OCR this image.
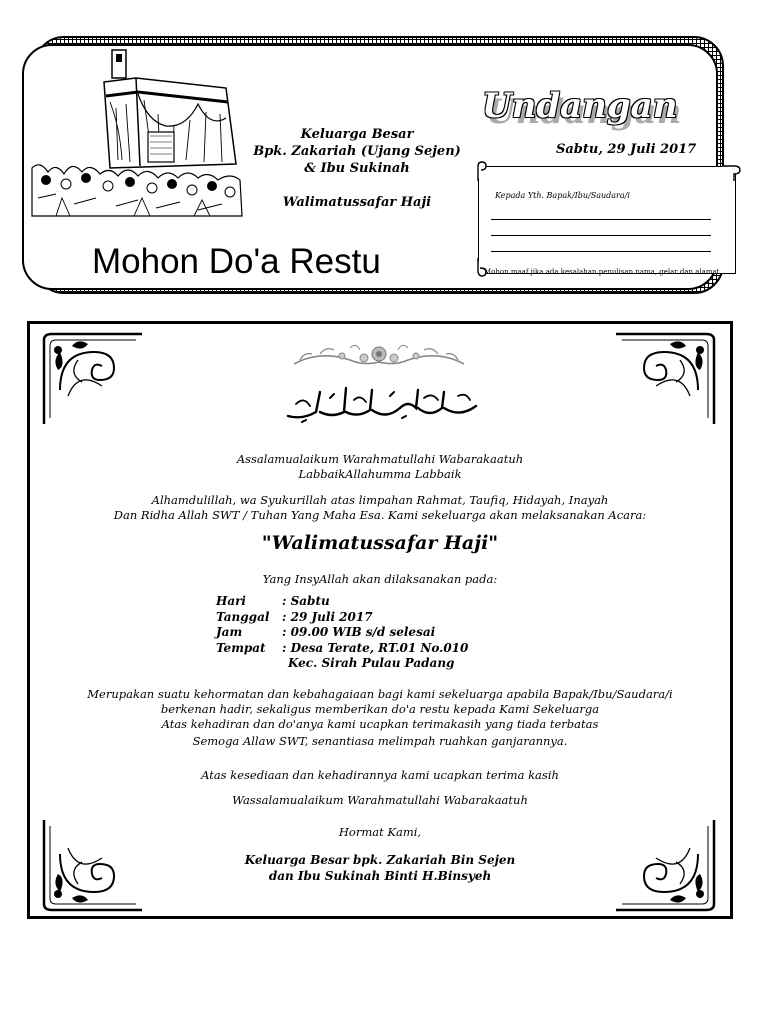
Keluarga Besar
Bpk. Zakariah (Ujang Sejen)
& Ibu Sukinah
Walimatussafar Haji
Mohon Do'a Restu
Undangan
Sabtu, 29 Juli 2017
Kepada Yth. Bapak/Ibu/Saudara/i
Mohon maaf jika ada kesalahan penulisan nama, gelar dan alamat
Assalamualaikum Warahmatullahi Wabarakaatuh
LabbaikAllahumma Labbaik
Alhamdulillah, wa Syukurillah atas limpahan Rahmat, Taufiq, Hidayah, Inayah
Dan Ridha Allah SWT / Tuhan Yang Maha Esa. Kami sekeluarga akan melaksanakan Acara:
"Walimatussafar Haji"
Yang InsyAllah akan dilaksanakan pada:
Hari	: Sabtu
Tanggal	: 29 Juli 2017
Jam	: 09.00 WIB s/d selesai
Tempat	: Desa Terate, RT.01 No.010
Kec. Sirah Pulau Padang
Merupakan suatu kehormatan dan kebahagaiaan bagi kami sekeluarga apabila Bapak/Ibu/Saudara/i
berkenan hadir, sekaligus memberikan do'a restu kepada Kami Sekeluarga
Atas kehadiran dan do'anya kami ucapkan terimakasih yang tiada terbatas
Semoga Allaw SWT, senantiasa melimpah ruahkan ganjarannya.
Atas kesediaan dan kehadirannya kami ucapkan terima kasih
Wassalamualaikum Warahmatullahi Wabarakaatuh
Hormat Kami,
Keluarga Besar bpk. Zakariah Bin Sejen
dan Ibu Sukinah Binti H.Binsyeh
